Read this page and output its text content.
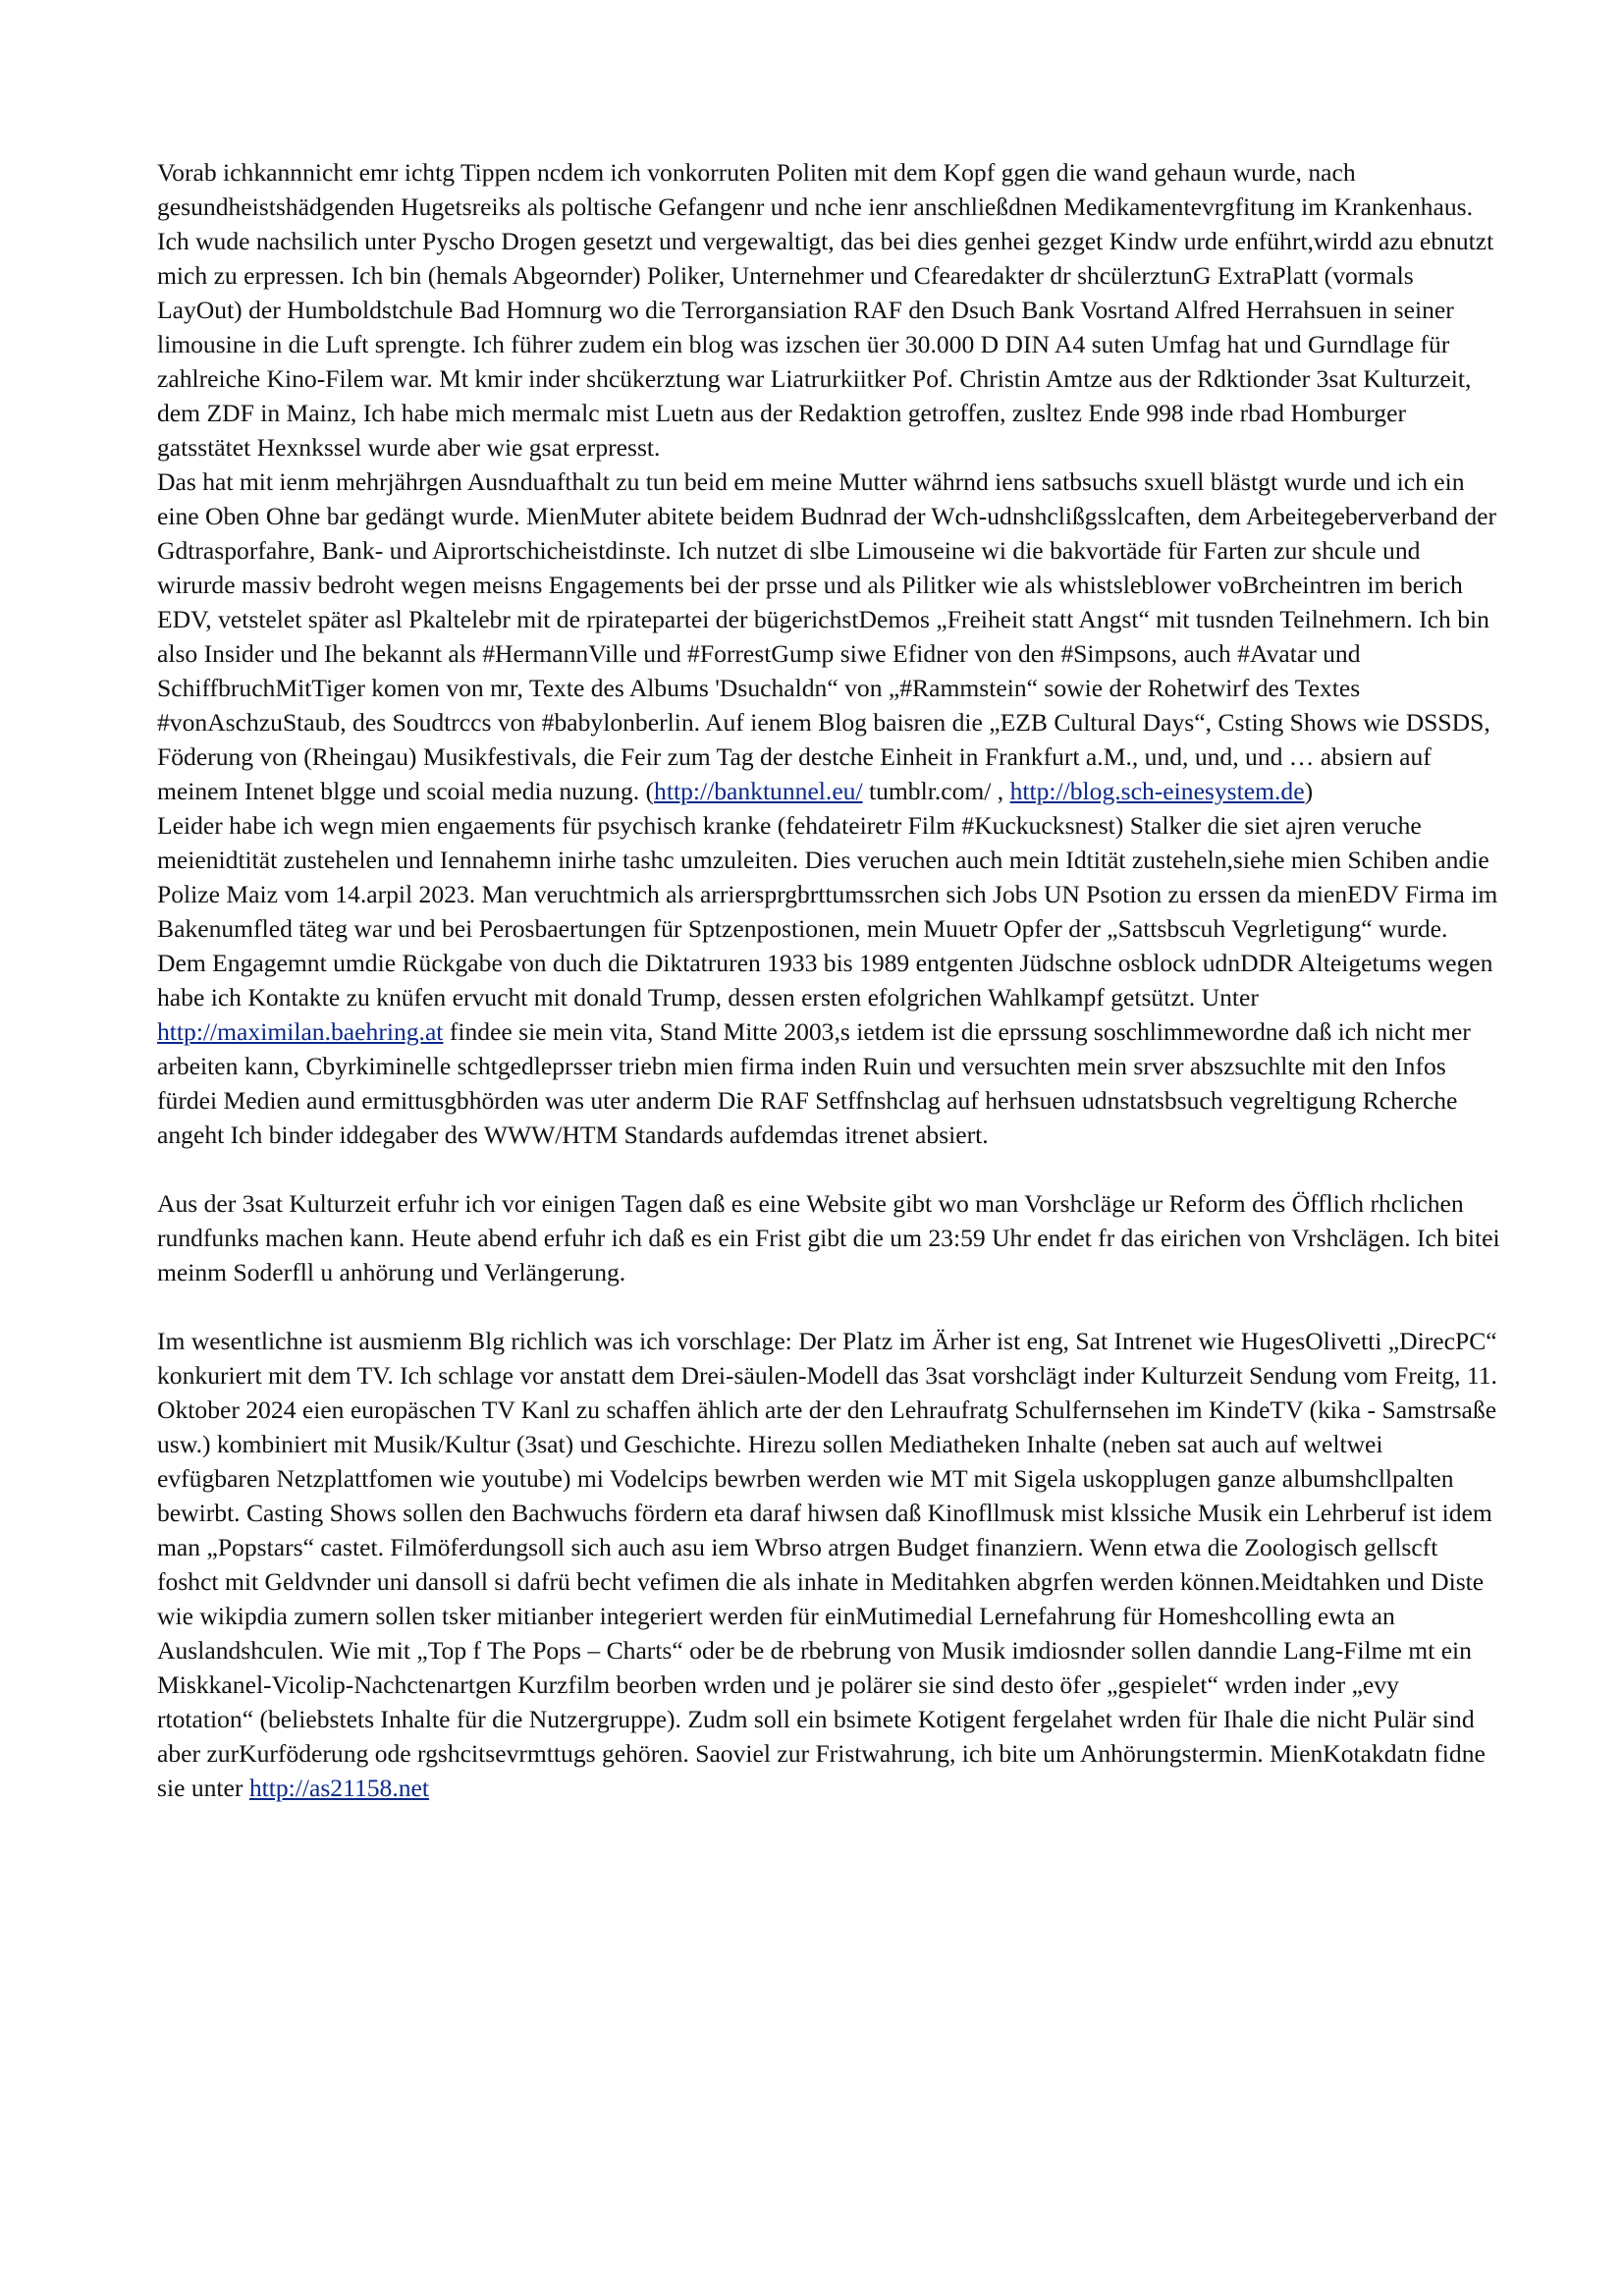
Vorab ichkannnicht emr ichtg Tippen ncdem ich vonkorruten Politen mit dem Kopf ggen die wand gehaun wurde, nach gesundheistshädgenden Hugetsreiks als poltische Gefangenr und nche ienr anschließdnen Medikamentevrgfitung im Krankenhaus. Ich wude nachsilich unter Pyscho Drogen gesetzt und vergewaltigt, das bei dies genhei gezget Kindw urde enführt,wirdd azu ebnutzt mich zu erpressen. Ich bin (hemals Abgeornder) Poliker, Unternehmer und Cfearedakter dr shcülerztunG ExtraPlatt (vormals LayOut) der Humboldstchule Bad Homnurg wo die Terrorgansiation RAF den Dsuch Bank Vosrtand Alfred Herrahsuen in seiner limousine in die Luft sprengte. Ich führer zudem ein blog was izschen üer 30.000 D DIN A4 suten Umfag hat und Gurndlage für zahlreiche Kino-Filem war. Mt kmir inder shcükerztung war Liatrurkiitker Pof. Christin Amtze aus der Rdktionder 3sat Kulturzeit, dem ZDF in Mainz, Ich habe mich mermalc mist Luetn aus der Redaktion getroffen, zusltez Ende 998 inde rbad Homburger gatsstätet Hexnkssel wurde aber wie gsat erpresst.

Das hat mit ienm mehrjährgen Ausnduafthalt zu tun beid em meine Mutter währnd iens satbsuchs sxuell blästgt wurde und ich ein eine Oben Ohne bar gedängt wurde. MienMuter abitete beidem Budnrad der Wch-udnshclißgsslcaften, dem Arbeitegeberverband der Gdtrasporfahre, Bank- und Aiprortschicheistdinste. Ich nutzet di slbe Limouseine wi die bakvortäde für Farten zur shcule und wirurde massiv bedroht wegen meisns Engagements bei der prsse und als Pilitker wie als whistsleblower voBrcheintren im berich EDV, vetstelet später asl Pkaltelebr mit de rpiratepartei der bügerichstDemos „Freiheit statt Angst“ mit tusnden Teilnehmern. Ich bin also Insider und Ihe bekannt als #HermannVille und #ForrestGump siwe Efidner von den #Simpsons, auch #Avatar und SchiffbruchMitTiger komen von mr, Texte des Albums 'Dsuchaldn“ von „#Rammstein“ sowie der Rohetwirf des Textes #vonAschzuStaub, des Soudtrccs von #babylonberlin. Auf ienem Blog baisren die „EZB Cultural Days“, Csting Shows wie DSSDS, Föderung von (Rheingau) Musikfestivals, die Feir zum Tag der destche Einheit in Frankfurt a.M., und, und, und … absiern auf meinem Intenet blgge und scoial media nuzung. (http://banktunnel.eu/ tumblr.com/ , http://blog.sch-einesystem.de)

Leider habe ich wegn mien engaements für psychisch kranke (fehdateiretr Film #Kuckucksnest) Stalker die siet ajren veruche meienidtität zustehelen und Iennahemn inirhe tashc umzuleiten. Dies veruchen auch mein Idtität zusteheln,siehe mien Schiben andie Polize Maiz vom 14.arpil 2023. Man veruchtmich als arriersprgbrttumssrchen sich Jobs UN Psotion zu erssen da mienEDV Firma im Bakenumfled täteg war und bei Perosbaertungen für Sptzenpostionen, mein Muuetr Opfer der „Sattsbscuh Vegrletigung“ wurde. Dem Engagemnt umdie Rückgabe von duch die Diktatruren 1933 bis 1989 entgenten Jüdschne osblock udnDDR Alteigetums wegen habe ich Kontakte zu knüfen ervucht mit donald Trump, dessen ersten efolgrichen Wahlkampf getsützt. Unter http://maximilan.baehring.at findee sie mein vita, Stand Mitte 2003,s ietdem ist die eprssung soschlimmewordne daß ich nicht mer arbeiten kann, Cbyrkiminelle schtgedleprsser triebn mien firma inden Ruin und versuchten mein srver abszsuchlte mit den Infos fürdei Medien aund ermittusgbhörden was uter anderm Die RAF Setffnshclag auf herhsuen udnstatsbsuch vegreltigung Rcherche angeht Ich binder iddegaber des WWW/HTM Standards aufdemdas itrenet absiert.

Aus der 3sat Kulturzeit erfuhr ich vor einigen Tagen daß es eine Website gibt wo man Vorshcläge ur Reform des Öfflich rhclichen rundfunks machen kann. Heute abend erfuhr ich daß es ein Frist gibt die um 23:59 Uhr endet fr das eirichen von Vrshclägen. Ich bitei meinm Soderfll u anhörung und Verlängerung.

Im wesentlichne ist ausmienm Blg richlich was ich vorschlage: Der Platz im Ärher ist eng, Sat Intrenet wie HugesOlivetti „DirecPC“ konkuriert mit dem TV. Ich schlage vor anstatt dem Drei-säulen-Modell das 3sat vorshclägt inder Kulturzeit Sendung vom Freitg, 11. Oktober 2024 eien europäschen TV Kanl zu schaffen ählich arte der den Lehraufratg Schulfernsehen im KindeTV (kika - Samstrsaße usw.) kombiniert mit Musik/Kultur (3sat) und Geschichte. Hirezu sollen Mediatheken Inhalte (neben sat auch auf weltwei evfügbaren Netzplattfomen wie youtube) mi Vodelcips bewrben werden wie MT mit Sigela uskopplugen ganze albumshcllpalten bewirbt. Casting Shows sollen den Bachwuchs fördern eta daraf hiwsen daß Kinofllmusk mist klssiche Musik ein Lehrberuf ist idem man „Popstars“ castet. Filmöferdungsoll sich auch asu iem Wbrso atrgen Budget finanziern. Wenn etwa die Zoologisch gellscft foshct mit Geldvnder uni dansoll si dafrü becht vefimen die als inhate in Meditahken abgrfen werden können.Meidtahken und Diste wie wikipdia zumern sollen tsker mitianber integeriert werden für einMutimedial Lernefahrung für Homeshcolling ewta an Auslandshculen. Wie mit „Top f The Pops – Charts“ oder be de rbebrung von Musik imdiosnder sollen danndie Lang-Filme mt ein Miskkanel-Vicolip-Nachctenartgen Kurzfilm beorben wrden und je polärer sie sind desto öfer „gespielet“ wrden inder „evy rtotation“ (beliebstets Inhalte für die Nutzergruppe). Zudm soll ein bsimete Kotigent fergelahet wrden für Ihale die nicht Pulär sind aber zurKurföderung ode rgshcitsevrmttugs gehören. Saoviel zur Fristwahrung, ich bite um Anhörungstermin. MienKotakdatn fidne sie unter http://as21158.net
